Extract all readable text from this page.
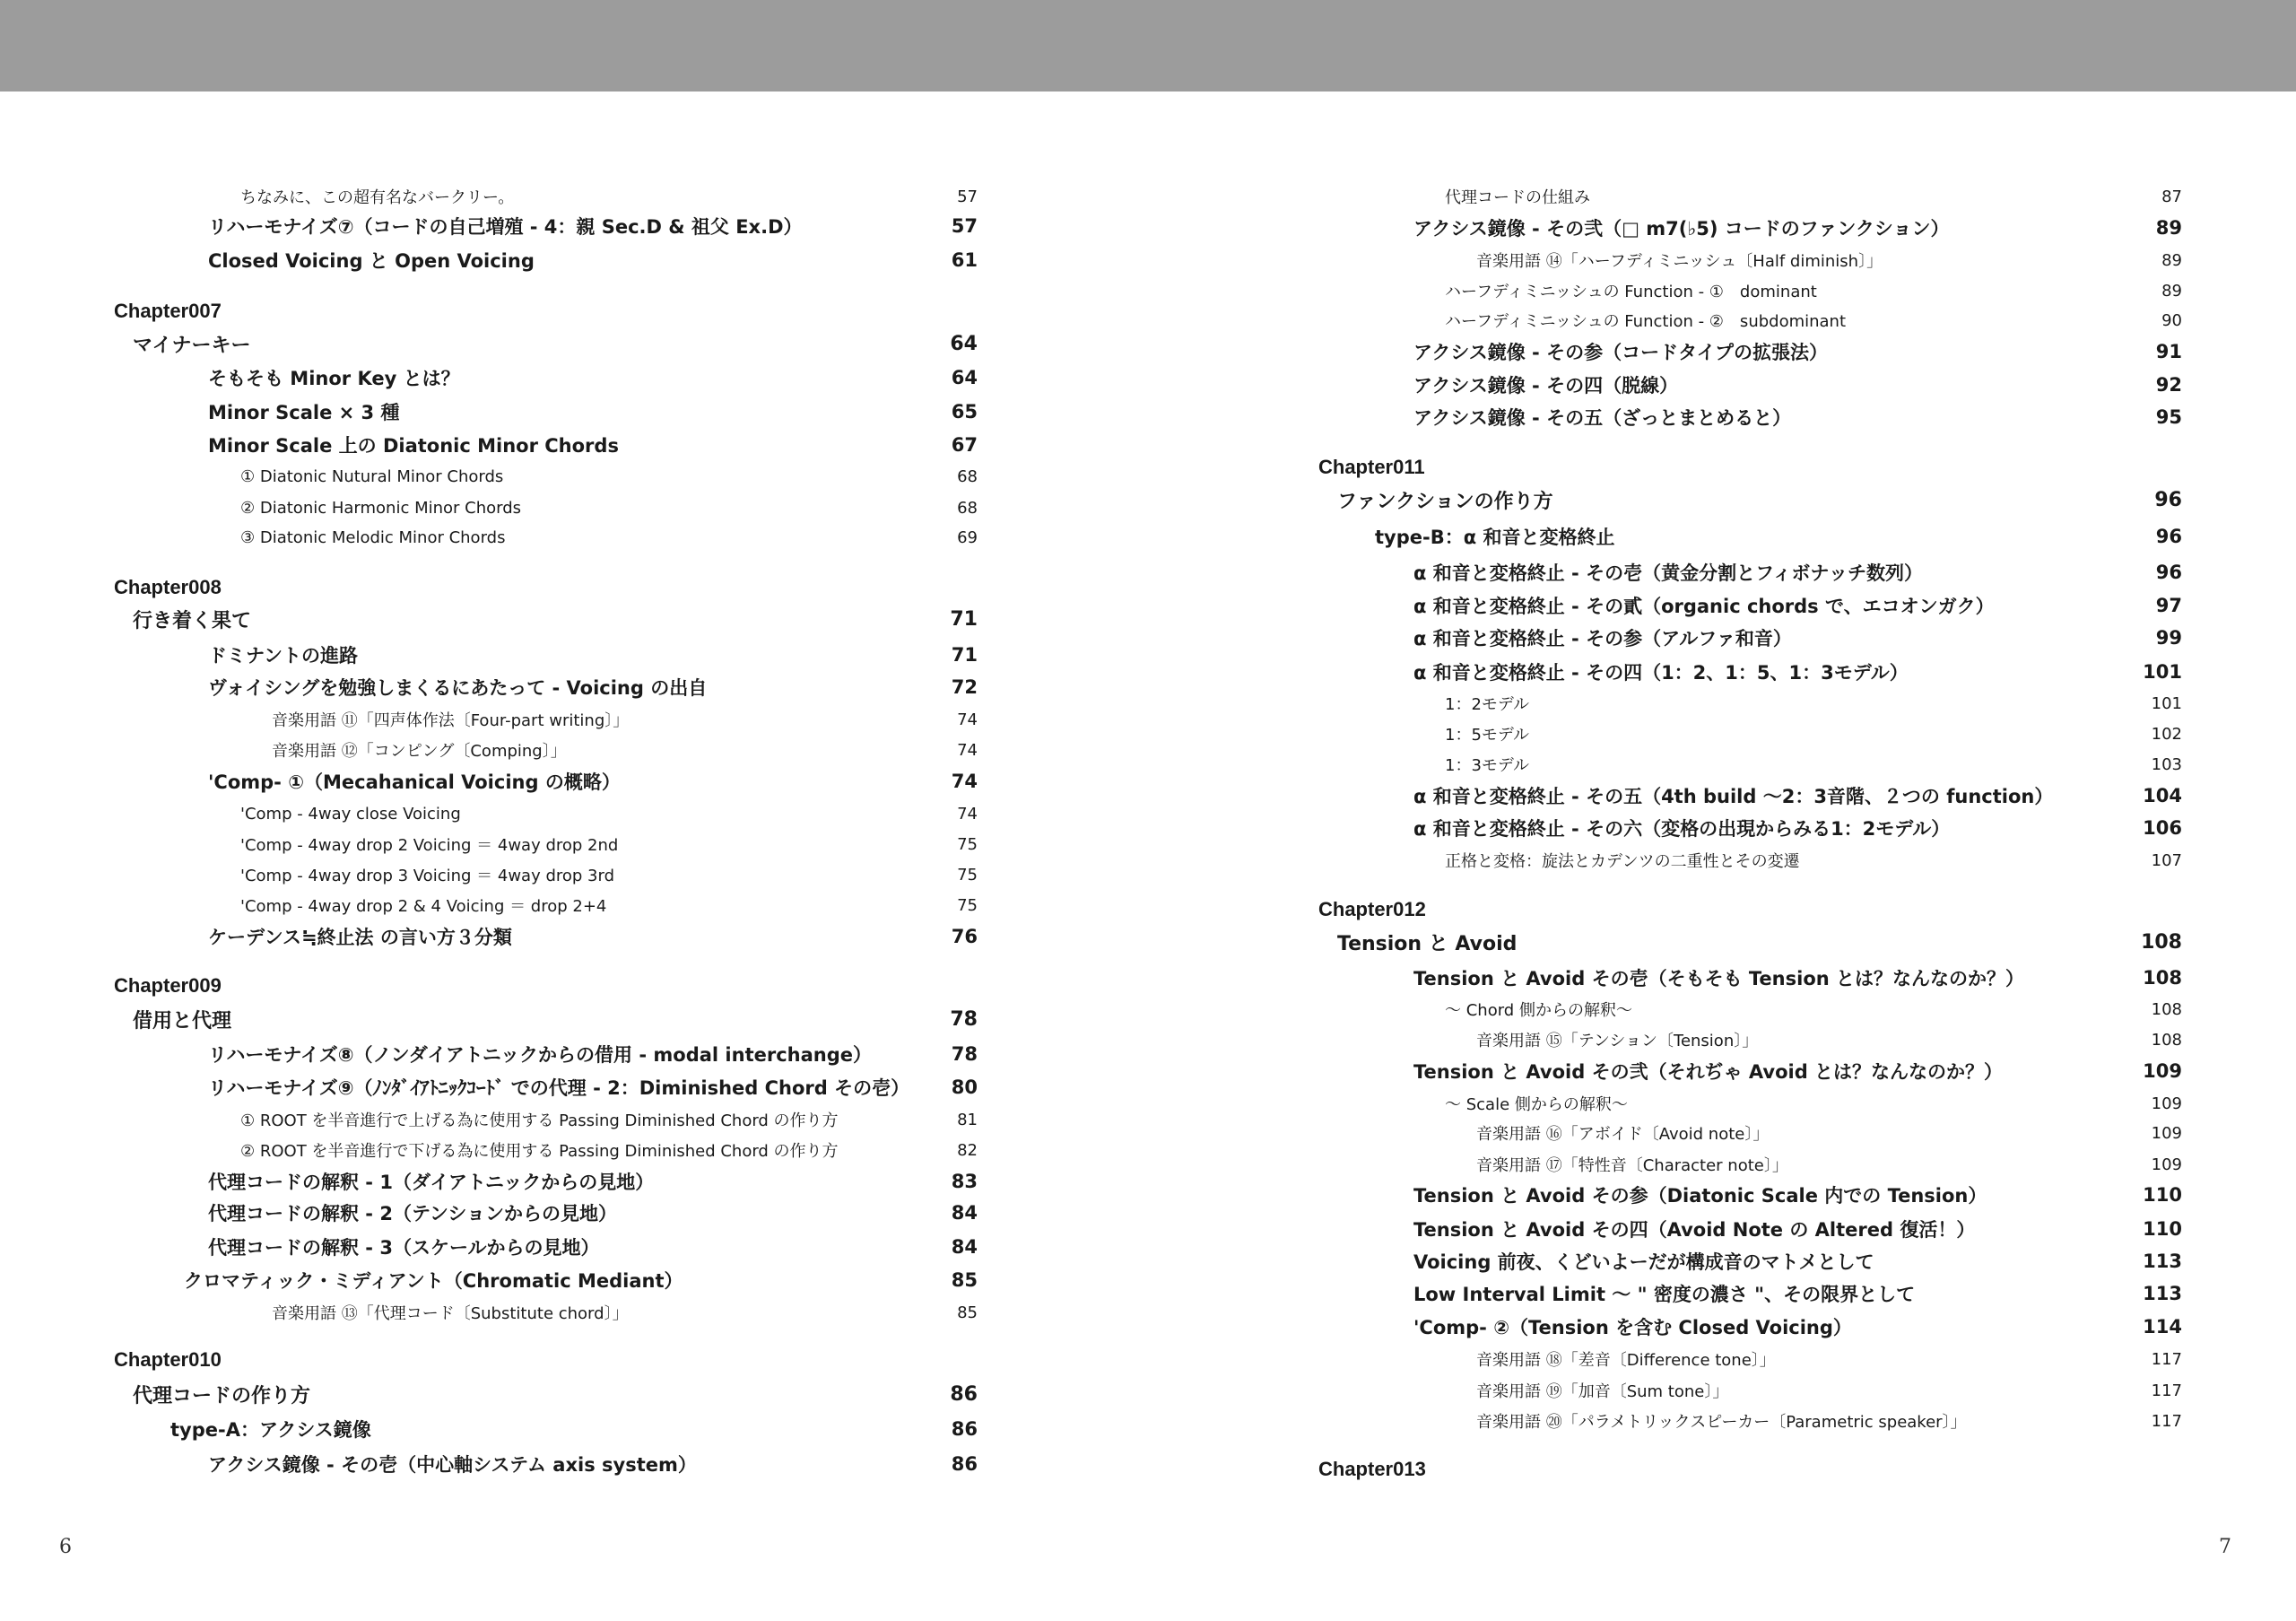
ちなみに、この超有名なバークリー。	57
リハーモナイズ⑦（コードの自己増殖 - 4：親 Sec.D & 祖父 Ex.D）	57
Closed Voicing と Open Voicing	61
Chapter007
マイナーキー	64
そもそも Minor Key とは？	64
Minor Scale × 3 種	65
Minor Scale 上の Diatonic Minor Chords	67
① Diatonic Nutural Minor Chords	68
② Diatonic Harmonic Minor Chords	68
③ Diatonic Melodic Minor Chords	69
Chapter008
行き着く果て	71
ドミナントの進路	71
ヴォイシングを勉強しまくるにあたって - Voicing の出自	72
音楽用語 ⑪「四声体作法〔Four-part writing〕」	74
音楽用語 ⑫「コンピング〔Comping〕」	74
'Comp- ①（Mecahanical Voicing の概略）	74
'Comp - 4way close Voicing	74
'Comp - 4way drop 2 Voicing ＝ 4way drop 2nd	75
'Comp - 4way drop 3 Voicing ＝ 4way drop 3rd	75
'Comp - 4way drop 2 & 4 Voicing ＝ drop 2+4	75
ケーデンス≒終止法 の言い方３分類	76
Chapter009
借用と代理	78
リハーモナイズ⑧（ノンダイアトニックからの借用 - modal interchange）	78
リハーモナイズ⑨（ﾉﾝﾀﾞｲｱﾄﾆｯｸｺｰﾄﾞ での代理 - 2：Diminished Chord その壱）	80
① ROOT を半音進行で上げる為に使用する Passing Diminished Chord の作り方	81
② ROOT を半音進行で下げる為に使用する Passing Diminished Chord の作り方	82
代理コードの解釈 - 1（ダイアトニックからの見地）	83
代理コードの解釈 - 2（テンションからの見地）	84
代理コードの解釈 - 3（スケールからの見地）	84
クロマティック・ミディアント（Chromatic Mediant）	85
音楽用語 ⑬「代理コード〔Substitute chord〕」	85
Chapter010
代理コードの作り方	86
type-A：アクシス鏡像	86
アクシス鏡像 - その壱（中心軸システム axis system）	86
代理コードの仕組み	87
アクシス鏡像 - その弐（□ m7(♭5) コードのファンクション）	89
音楽用語 ⑭「ハーフディミニッシュ〔Half diminish〕」	89
ハーフディミニッシュの Function - ①　dominant	89
ハーフディミニッシュの Function - ②　subdominant	90
アクシス鏡像 - その参（コードタイプの拡張法）	91
アクシス鏡像 - その四（脱線）	92
アクシス鏡像 - その五（ざっとまとめると）	95
Chapter011
ファンクションの作り方	96
type-B：α 和音と変格終止	96
α 和音と変格終止 - その壱（黄金分割とフィボナッチ数列）	96
α 和音と変格終止 - その貳（organic chords で、エコオンガク）	97
α 和音と変格終止 - その参（アルファ和音）	99
α 和音と変格終止 - その四（1：2、1：5、1：3モデル）	101
1：2モデル	101
1：5モデル	102
1：3モデル	103
α 和音と変格終止 - その五（4th build ～2：3音階、２つの function）	104
α 和音と変格終止 - その六（変格の出現からみる1：2モデル）	106
正格と変格：旋法とカデンツの二重性とその変遷	107
Chapter012
Tension と Avoid	108
Tension と Avoid その壱（そもそも Tension とは？なんなのか？）	108
～ Chord 側からの解釈～	108
音楽用語 ⑮「テンション〔Tension〕」	108
Tension と Avoid その弐（それぢゃ Avoid とは？なんなのか？）	109
～ Scale 側からの解釈～	109
音楽用語 ⑯「アボイド〔Avoid note〕」	109
音楽用語 ⑰「特性音〔Character note〕」	109
Tension と Avoid その参（Diatonic Scale 内での Tension）	110
Tension と Avoid その四（Avoid Note の Altered 復活！）	110
Voicing 前夜、くどいよーだが構成音のマトメとして	113
Low Interval Limit ～ " 密度の濃さ "、その限界として	113
'Comp- ②（Tension を含む Closed Voicing）	114
音楽用語 ⑱「差音〔Difference tone〕」	117
音楽用語 ⑲「加音〔Sum tone〕」	117
音楽用語 ⑳「パラメトリックスピーカー〔Parametric speaker〕」	117
Chapter013
6	7
